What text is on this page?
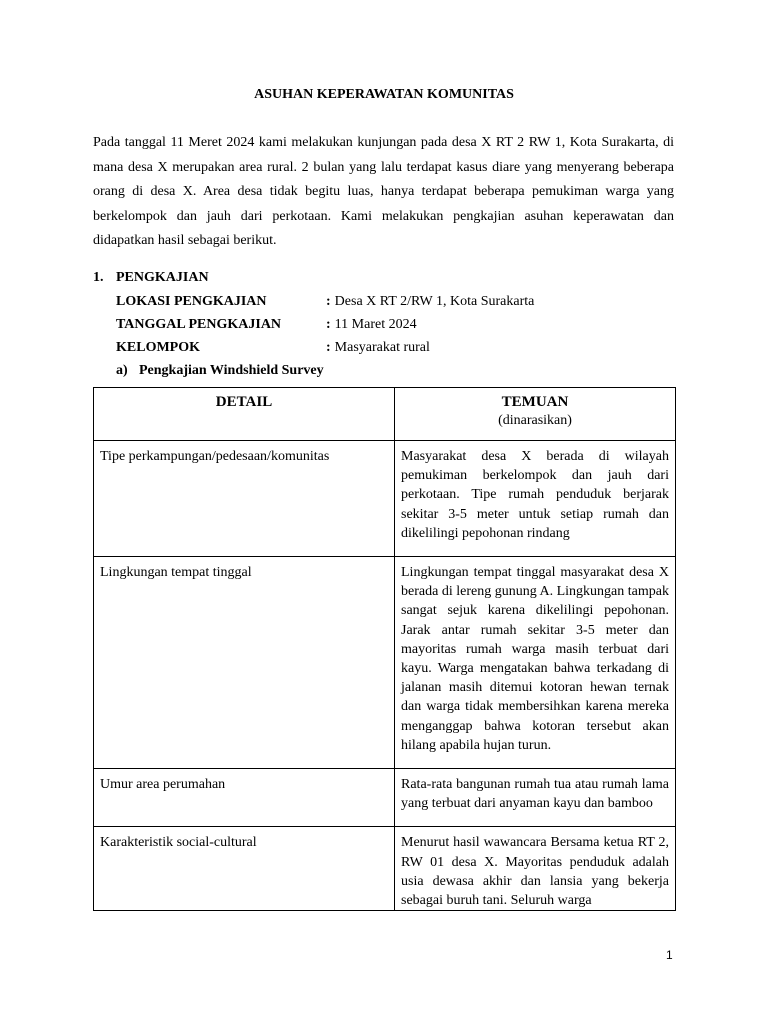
ASUHAN KEPERAWATAN KOMUNITAS

Pada tanggal 11 Meret 2024 kami melakukan kunjungan pada desa X RT 2 RW 1, Kota Surakarta, di mana desa X merupakan area rural. 2 bulan yang lalu terdapat kasus diare yang menyerang beberapa orang di desa X. Area desa tidak begitu luas, hanya terdapat beberapa pemukiman warga yang berkelompok dan jauh dari perkotaan. Kami melakukan pengkajian asuhan keperawatan dan didapatkan hasil sebagai berikut.

1. PENGKAJIAN
LOKASI PENGKAJIAN	: Desa X RT 2/RW 1, Kota Surakarta
TANGGAL PENGKAJIAN	: 11 Maret 2024
KELOMPOK	: Masyarakat rural
a) Pengkajian Windshield Survey
DETAIL	TEMUAN
(dinarasikan)

Tipe perkampungan/pedesaan/komunitas	Masyarakat desa X berada di wilayah pemukiman berkelompok dan jauh dari perkotaan. Tipe rumah penduduk berjarak sekitar 3-5 meter untuk setiap rumah dan dikelilingi pepohonan rindang
Lingkungan tempat tinggal	Lingkungan tempat tinggal masyarakat desa X berada di lereng gunung A. Lingkungan tampak sangat sejuk karena dikelilingi pepohonan. Jarak antar rumah sekitar 3-5 meter dan mayoritas rumah warga masih terbuat dari kayu. Warga mengatakan bahwa terkadang di jalanan masih ditemui kotoran hewan ternak dan warga tidak membersihkan karena mereka menganggap bahwa kotoran tersebut akan hilang apabila hujan turun.
Umur area perumahan	Rata-rata bangunan rumah tua atau rumah lama yang terbuat dari anyaman kayu dan bamboo
Karakteristik social-cultural	Menurut hasil wawancara Bersama ketua RT 2, RW 01 desa X. Mayoritas penduduk adalah usia dewasa akhir dan lansia yang bekerja sebagai buruh tani. Seluruh warga
1
